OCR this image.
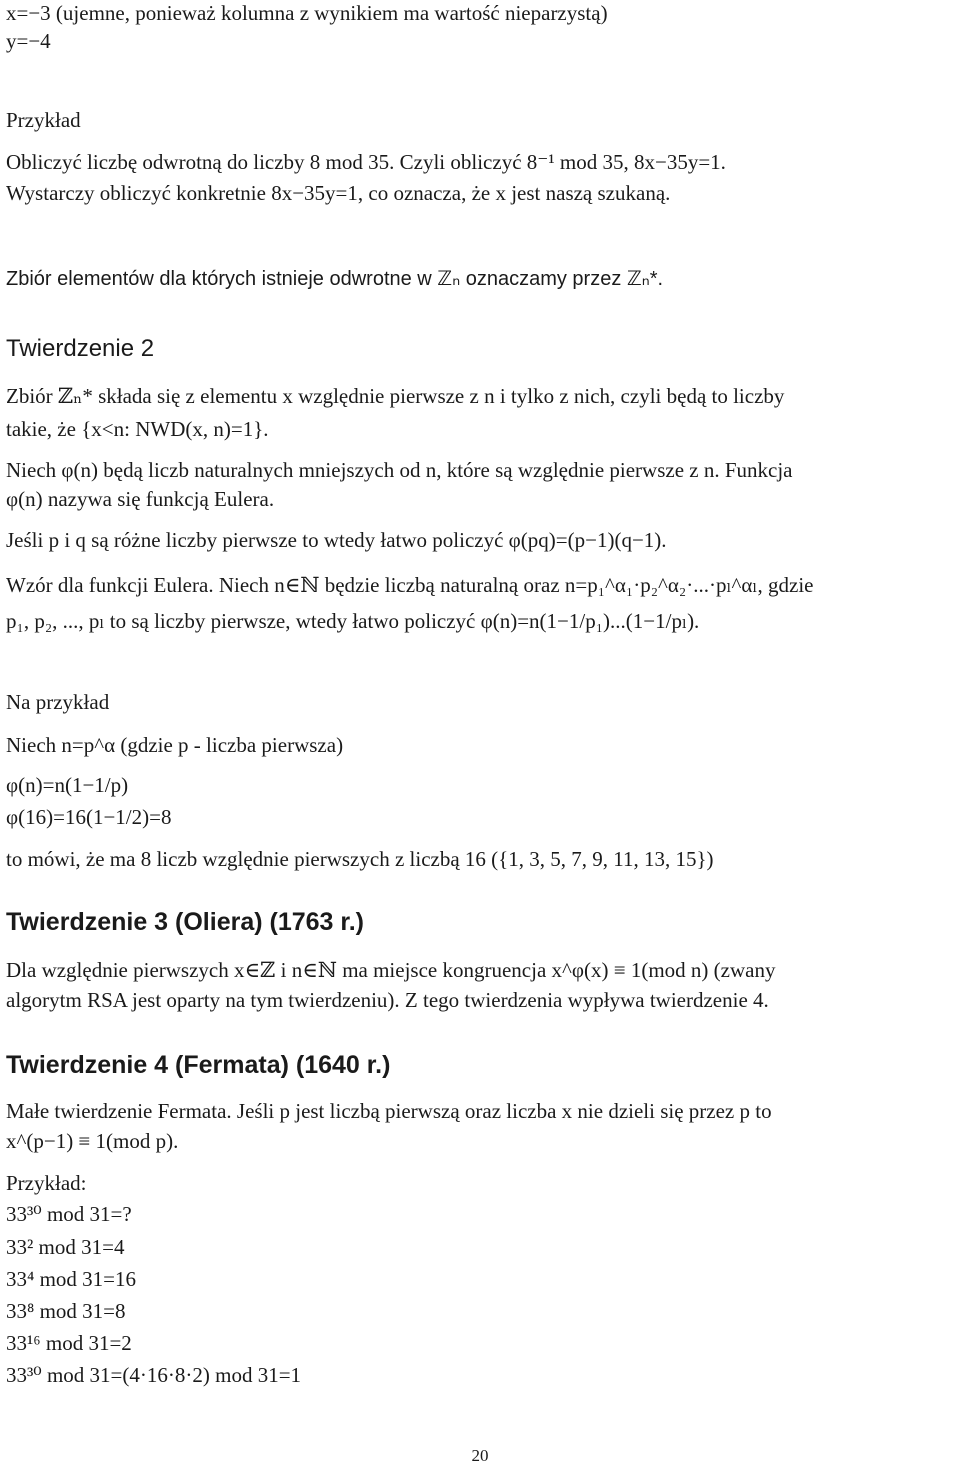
x=−3 (ujemne, ponieważ kolumna z wynikiem ma wartość nieparzystą)
y=−4
Przykład
Obliczyć liczbę odwrotną do liczby 8 mod 35. Czyli obliczyć 8⁻¹ mod 35, 8x−35y=1.
Wystarczy obliczyć konkretnie 8x−35y=1, co oznacza, że x jest naszą szukaną.
Zbiór elementów dla których istnieje odwrotne w ℤₙ oznaczamy przez ℤₙ*.
Twierdzenie 2
Zbiór ℤₙ* składa się z elementu x względnie pierwsze z n i tylko z nich, czyli będą to liczby
takie, że {x<n: NWD(x, n)=1}.
Niech φ(n) będą liczb naturalnych mniejszych od n, które są względnie pierwsze z n. Funkcja
φ(n) nazywa się funkcją Eulera.
Jeśli p i q są różne liczby pierwsze to wtedy łatwo policzyć φ(pq)=(p−1)(q−1).
Wzór dla funkcji Eulera. Niech n∈ℕ będzie liczbą naturalną oraz n=p₁^α₁·p₂^α₂·...·pₗ^αₗ, gdzie
p₁, p₂, ..., pₗ to są liczby pierwsze, wtedy łatwo policzyć φ(n)=n(1−1/p₁)...(1−1/pₗ).
Na przykład
Niech n=p^α (gdzie p - liczba pierwsza)
φ(n)=n(1−1/p)
φ(16)=16(1−1/2)=8
to mówi, że ma 8 liczb względnie pierwszych z liczbą 16 ({1, 3, 5, 7, 9, 11, 13, 15})
Twierdzenie 3 (Oliera) (1763 r.)
Dla względnie pierwszych x∈ℤ i n∈ℕ ma miejsce kongruencja x^φ(x) ≡ 1(mod n) (zwany
algorytm RSA jest oparty na tym twierdzeniu). Z tego twierdzenia wypływa twierdzenie 4.
Twierdzenie 4 (Fermata) (1640 r.)
Małe twierdzenie Fermata. Jeśli p jest liczbą pierwszą oraz liczba x nie dzieli się przez p to
x^(p−1) ≡ 1(mod p).
Przykład:
33³⁰ mod 31=?
33² mod 31=4
33⁴ mod 31=16
33⁸ mod 31=8
33¹⁶ mod 31=2
33³⁰ mod 31=(4·16·8·2) mod 31=1
20
